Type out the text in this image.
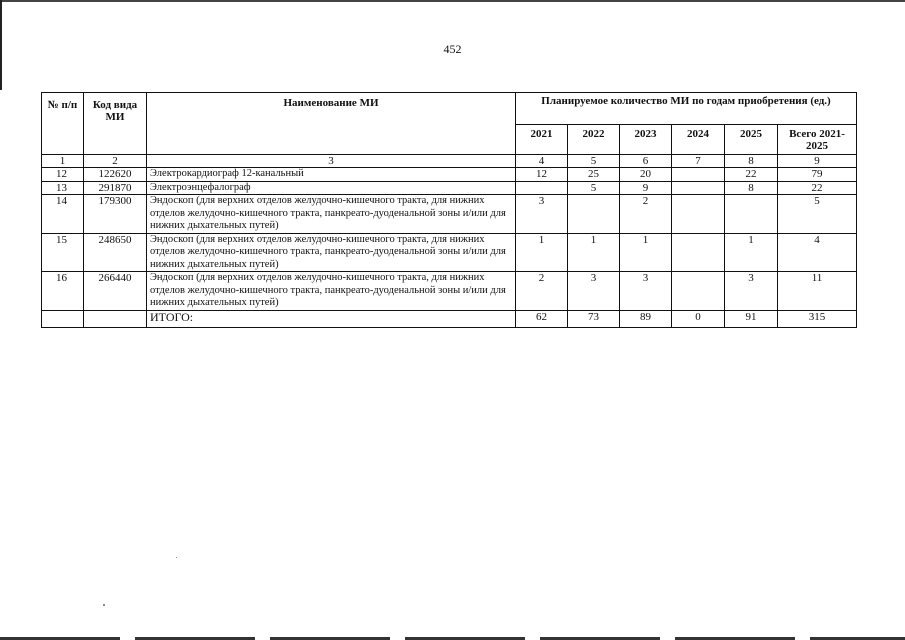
452
№ п/п	Код вида МИ	Наименование МИ	Планируемое количество МИ по годам приобретения (ед.)					
			2021	2022	2023	2024	2025	Всего 2021-2025
1	2	3	4	5	6	7	8	9
12	122620	Электрокардиограф 12-канальный	12	25	20		22	79
13	291870	Электроэнцефалограф		5	9		8	22
14	179300	Эндоскоп (для верхних отделов желудочно-кишечного тракта, для нижних отделов желудочно-кишечного тракта, панкреато-дуоденальной зоны и/или для нижних дыхательных путей)	3		2			5
15	248650	Эндоскоп (для верхних отделов желудочно-кишечного тракта, для нижних отделов желудочно-кишечного тракта, панкреато-дуоденальной зоны и/или для нижних дыхательных путей)	1	1	1		1	4
16	266440	Эндоскоп (для верхних отделов желудочно-кишечного тракта, для нижних отделов желудочно-кишечного тракта, панкреато-дуоденальной зоны и/или для нижних дыхательных путей)	2	3	3		3	11
		ИТОГО:	62	73	89	0	91	315
